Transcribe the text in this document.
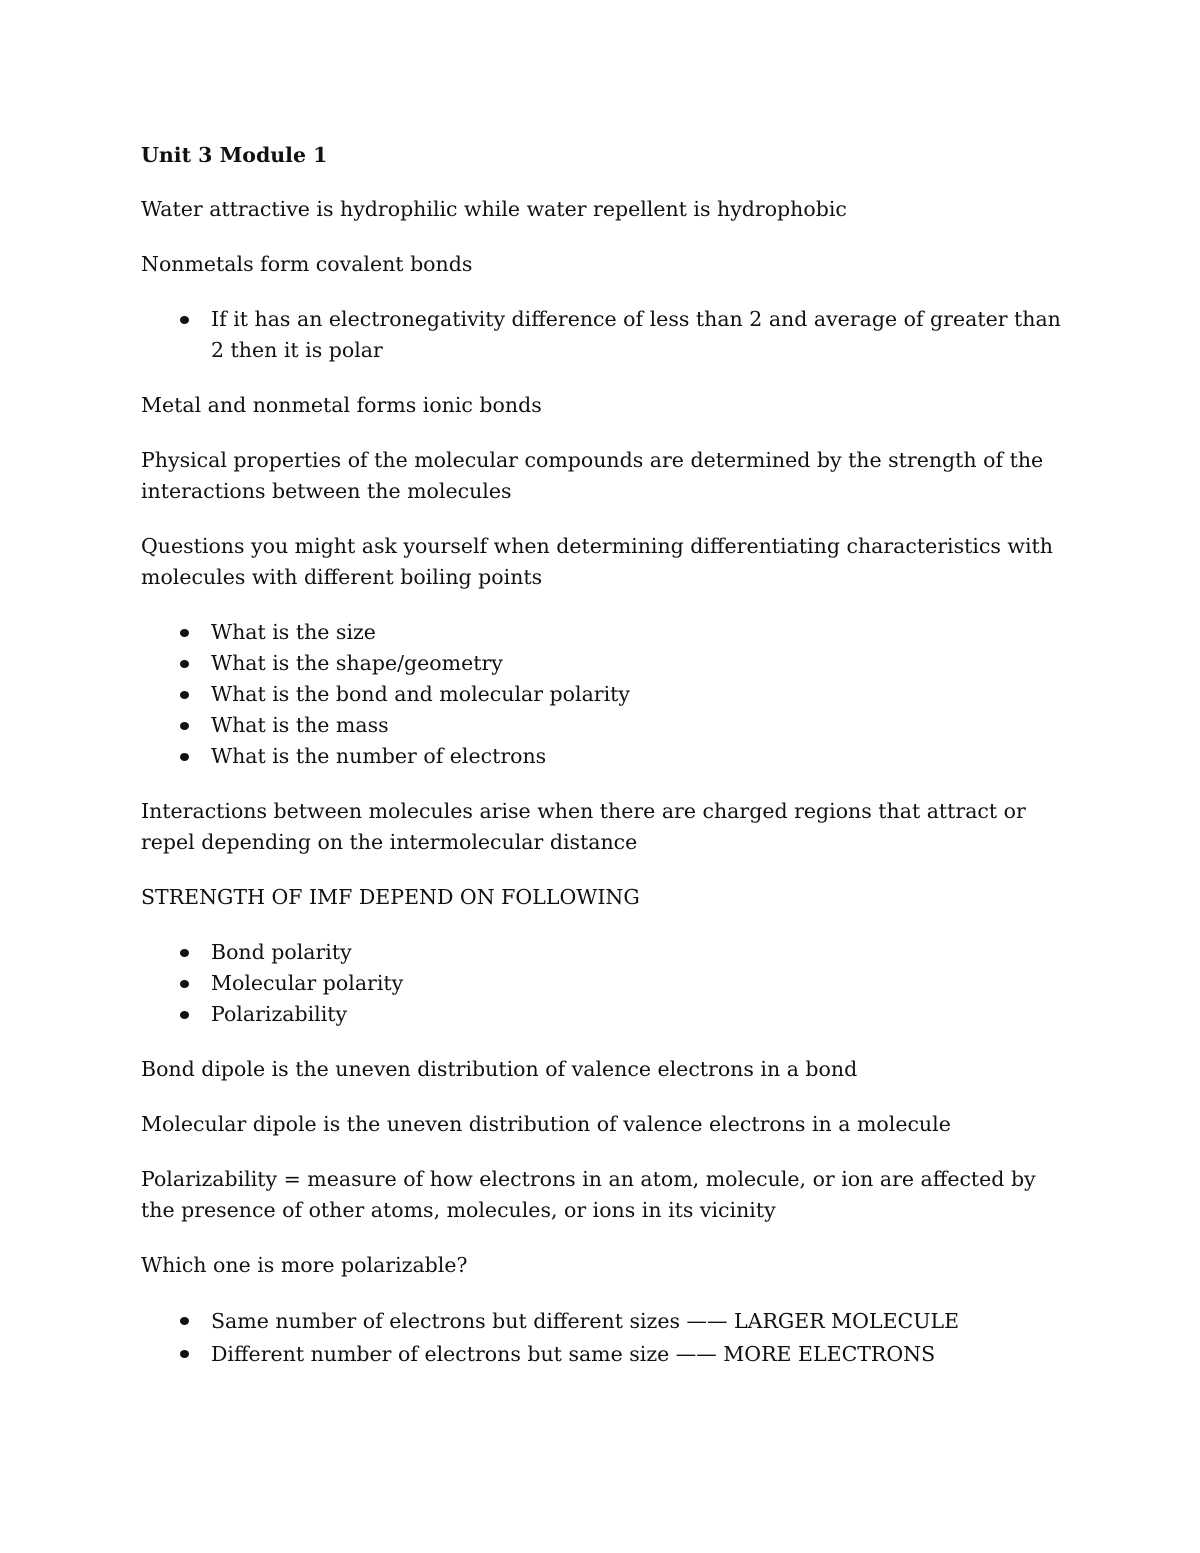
Unit 3 Module 1

Water attractive is hydrophilic while water repellent is hydrophobic

Nonmetals form covalent bonds

If it has an electronegativity difference of less than 2 and average of greater than 2 then it is polar

Metal and nonmetal forms ionic bonds

Physical properties of the molecular compounds are determined by the strength of the interactions between the molecules

Questions you might ask yourself when determining differentiating characteristics with molecules with different boiling points

What is the size
What is the shape/geometry
What is the bond and molecular polarity
What is the mass
What is the number of electrons

Interactions between molecules arise when there are charged regions that attract or repel depending on the intermolecular distance

STRENGTH OF IMF DEPEND ON FOLLOWING

Bond polarity
Molecular polarity
Polarizability

Bond dipole is the uneven distribution of valence electrons in a bond

Molecular dipole is the uneven distribution of valence electrons in a molecule

Polarizability = measure of how electrons in an atom, molecule, or ion are affected by the presence of other atoms, molecules, or ions in its vicinity

Which one is more polarizable?

Same number of electrons but different sizes —— LARGER MOLECULE
Different number of electrons but same size —— MORE ELECTRONS
